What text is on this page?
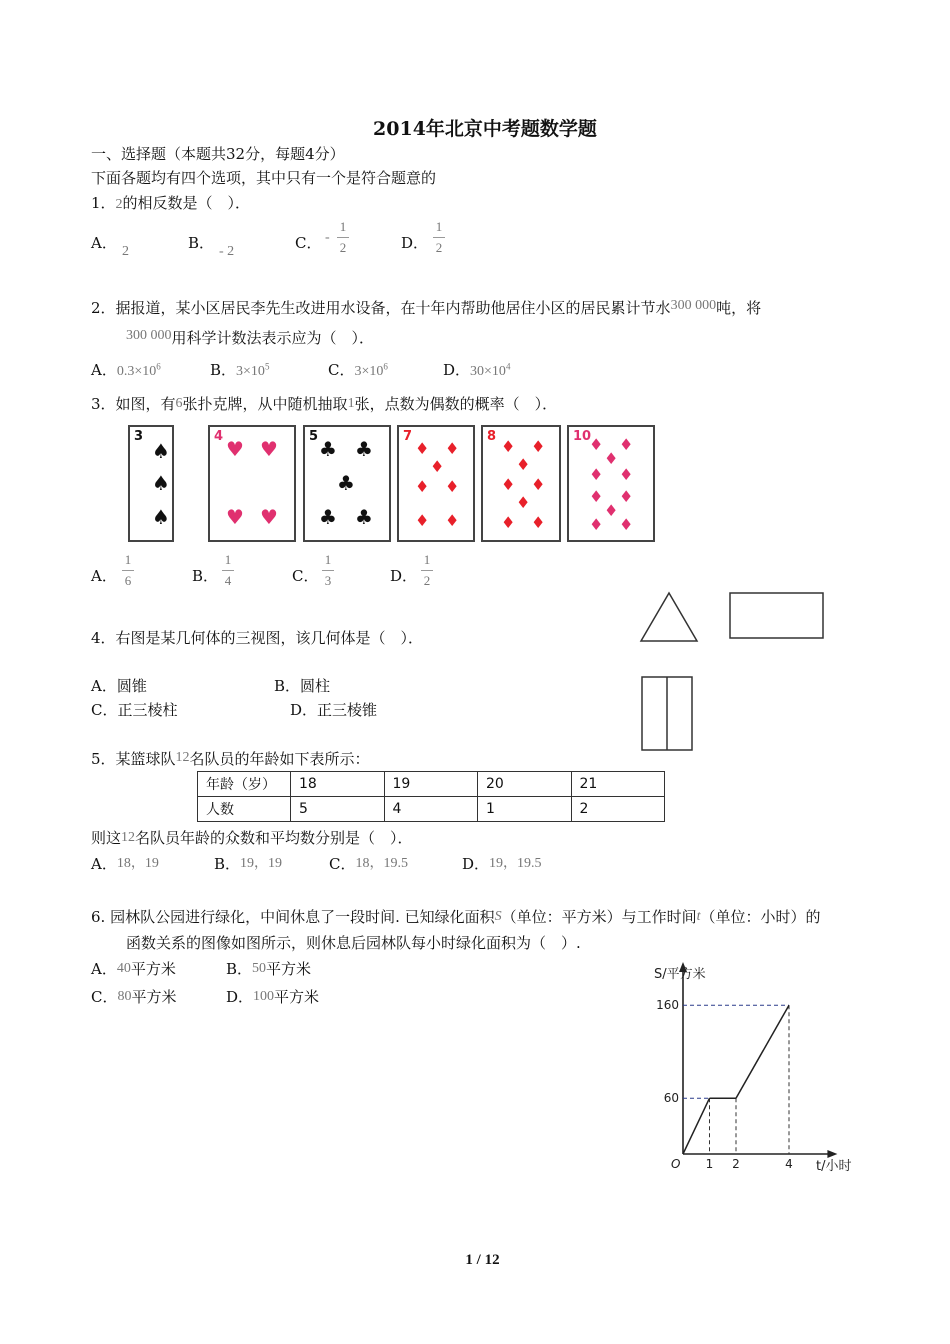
2014年北京中考题数学题
一、选择题（本题共32分，每题4分）
下面各题均有四个选项，其中只有一个是符合题意的
1．2的相反数是（　）．
A． 2	B． - 2	C． -
1
2	D．
1
2
2．据报道，某小区居民李先生改进用水设备，在十年内帮助他居住小区的居民累计节水300 000吨，将
300 000用科学计数法表示应为（　）．
A．$0.3\times 10^6$	B．$3\times 10^5$	C．$3\times 10^6$	D．$30\times 10^4$
3．如图，有6张扑克牌，从中随机抽取1张，点数为偶数的概率（　）．
3
♠
♠
♠
4
♥ ♥
♥ ♥
5
♣ ♣
♣
♣ ♣
7
♦ ♦
♦
♦ ♦
♦ ♦
8
♦ ♦
♦
♦ ♦
♦
♦ ♦
10
♦ ♦
♦
♦ ♦
♦ ♦
♦
♦ ♦
A．
1
6	B．
1
4	C．
1
3	D．
1
2
4．右图是某几何体的三视图，该几何体是（　）．
A．圆锥	B．圆柱
C．正三棱柱	D．正三棱锥
5．某篮球队12名队员的年龄如下表所示：
年龄（岁）	18	19	20	21
人数	5	4	1	2
则这12名队员年龄的众数和平均数分别是（　）．
A．18，19	B．19，19	C．18，19.5	D．19，19.5
6. 园林队公园进行绿化，中间休息了一段时间. 已知绿化面积S（单位：平方米）与工作时间t（单位：小时）的
函数关系的图像如图所示，则休息后园林队每小时绿化面积为（　）.
A．40平方米	B．50平方米
C．80平方米	D．100平方米
1 2	4
60
160
O
S/平方米
t/小时
1 / 12
